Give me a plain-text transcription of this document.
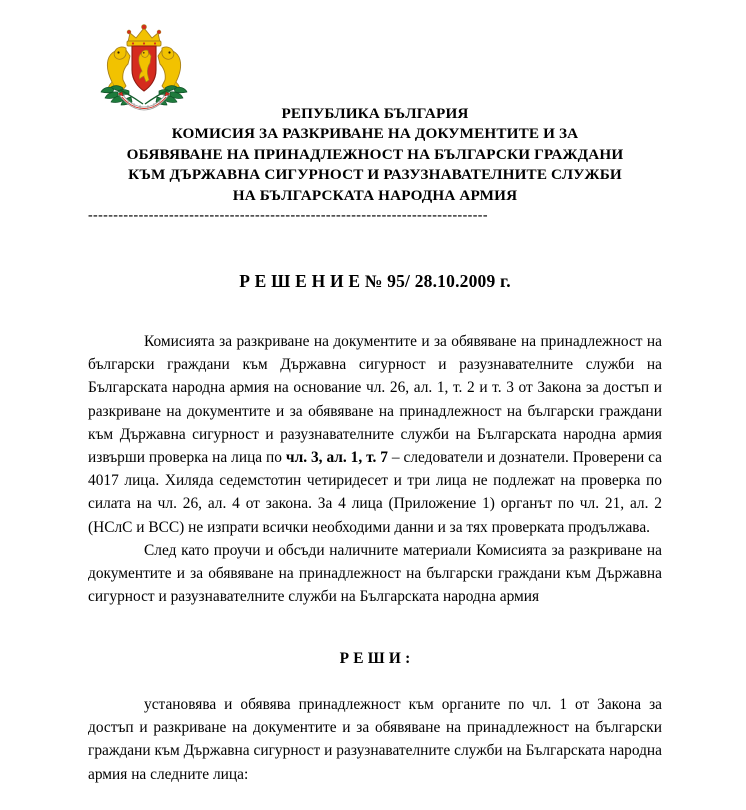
РЕПУБЛИКА БЪЛГАРИЯ
КОМИСИЯ ЗА РАЗКРИВАНЕ НА ДОКУМЕНТИТЕ И ЗА
ОБЯВЯВАНЕ НА ПРИНАДЛЕЖНОСТ НА БЪЛГАРСКИ ГРАЖДАНИ
КЪМ ДЪРЖАВНА СИГУРНОСТ И РАЗУЗНАВАТЕЛНИТЕ СЛУЖБИ
НА БЪЛГАРСКАТА НАРОДНА АРМИЯ
-------------------------------------------------------------------------------
Р Е Ш Е Н И Е № 95/ 28.10.2009 г.

Комисията за разкриване на документите и за обявяване на принадлежност на български граждани към Държавна сигурност и разузнавателните служби на Българската народна армия на основание чл. 26, ал. 1, т. 2 и т. 3 от Закона за достъп и разкриване на документите и за обявяване на принадлежност на български граждани към Държавна сигурност и разузнавателните служби на Българската народна армия извърши проверка на лица по чл. 3, ал. 1, т. 7 – следователи и дознатели. Проверени са 4017 лица. Хиляда седемстотин четиридесет и три лица не подлежат на проверка по силата на чл. 26, ал. 4 от закона. За 4 лица (Приложение 1) органът по чл. 21, ал. 2 (НСлС и ВСС) не изпрати всички необходими данни и за тях проверката продължава.

След като проучи и обсъди наличните материали Комисията за разкриване на документите и за обявяване на принадлежност на български граждани към Държавна сигурност и разузнавателните служби на Българската народна армия

Р Е Ш И :

установява и обявява принадлежност към органите по чл. 1 от Закона за достъп и разкриване на документите и за обявяване на принадлежност на български граждани към Държавна сигурност и разузнавателните служби на Българската народна армия на следните лица:
